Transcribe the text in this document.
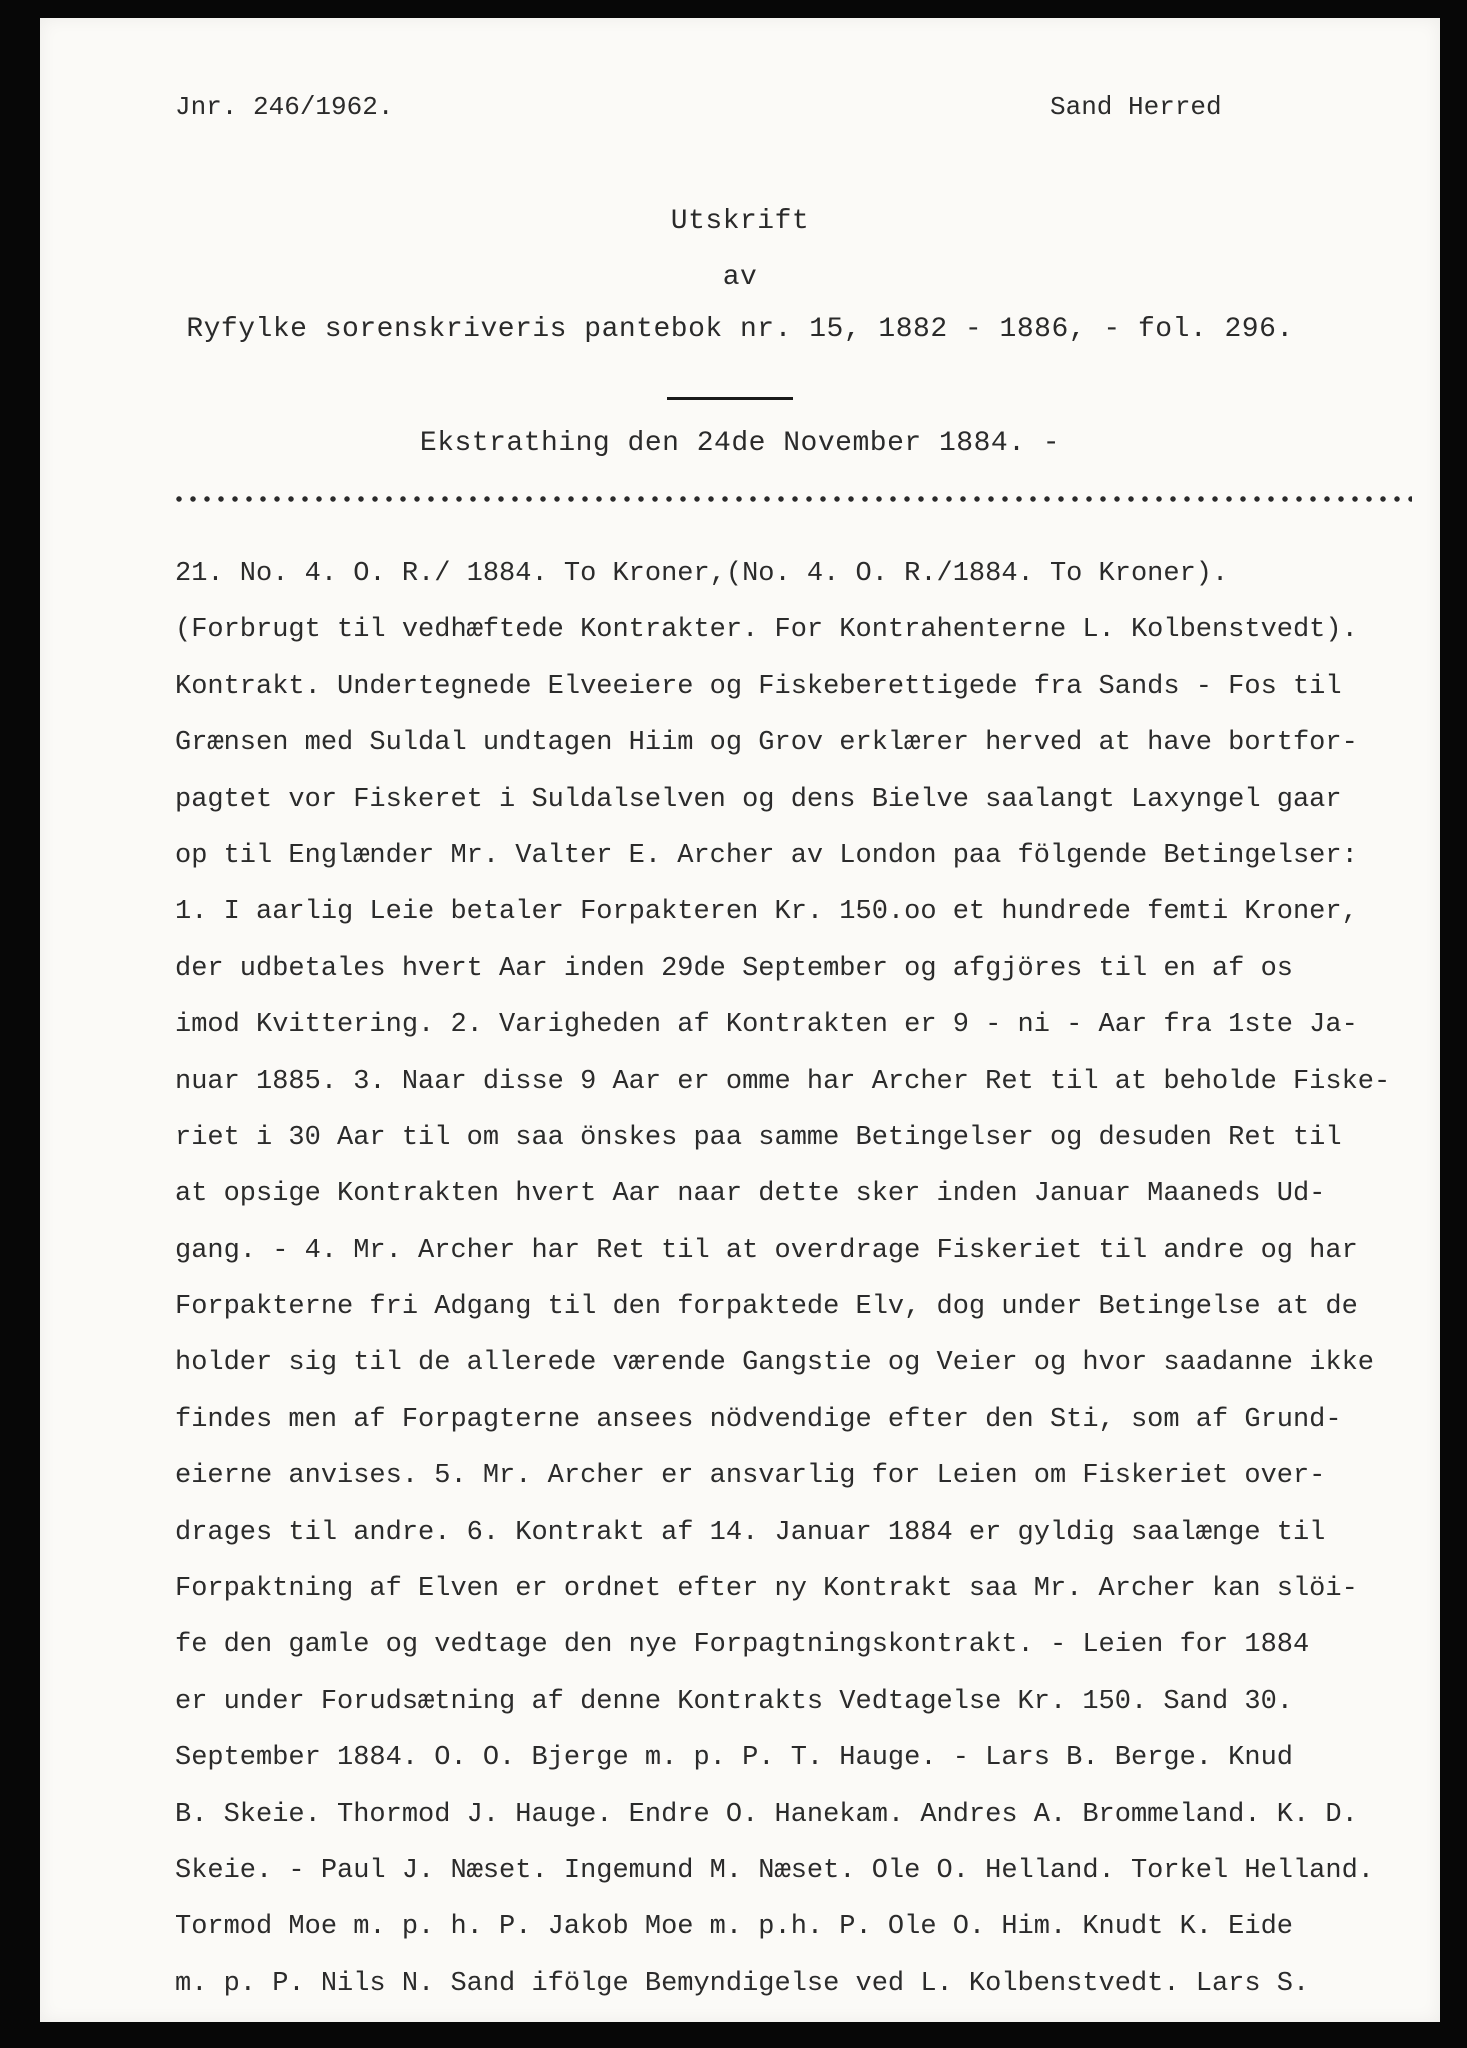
Jnr. 246/1962.	Sand Herred
Utskrift
av
Ryfylke sorenskriveris pantebok nr. 15, 1882 - 1886, - fol. 296.
Ekstrathing den 24de November 1884. -
21. No. 4. O. R./ 1884. To Kroner,(No. 4. O. R./1884. To Kroner).
(Forbrugt til vedhæftede Kontrakter. For Kontrahenterne L. Kolbenstvedt).
Kontrakt. Undertegnede Elveeiere og Fiskeberettigede fra Sands - Fos til
Grænsen med Suldal undtagen Hiim og Grov erklærer herved at have bortfor-
pagtet vor Fiskeret i Suldalselven og dens Bielve saalangt Laxyngel gaar
op til Englænder Mr. Valter E. Archer av London paa fölgende Betingelser:
1. I aarlig Leie betaler Forpakteren Kr. 150.oo et hundrede femti Kroner,
der udbetales hvert Aar inden 29de September og afgjöres til en af os
imod Kvittering. 2. Varigheden af Kontrakten er 9 - ni - Aar fra 1ste Ja-
nuar 1885. 3. Naar disse 9 Aar er omme har Archer Ret til at beholde Fiske-
riet i 30 Aar til om saa önskes paa samme Betingelser og desuden Ret til
at opsige Kontrakten hvert Aar naar dette sker inden Januar Maaneds Ud-
gang. - 4. Mr. Archer har Ret til at overdrage Fiskeriet til andre og har
Forpakterne fri Adgang til den forpaktede Elv, dog under Betingelse at de
holder sig til de allerede værende Gangstie og Veier og hvor saadanne ikke
findes men af Forpagterne ansees nödvendige efter den Sti, som af Grund-
eierne anvises. 5. Mr. Archer er ansvarlig for Leien om Fiskeriet over-
drages til andre. 6. Kontrakt af 14. Januar 1884 er gyldig saalænge til
Forpaktning af Elven er ordnet efter ny Kontrakt saa Mr. Archer kan slöi-
fe den gamle og vedtage den nye Forpagtningskontrakt. - Leien for 1884
er under Forudsætning af denne Kontrakts Vedtagelse Kr. 150. Sand 30.
September 1884. O. O. Bjerge m. p. P. T. Hauge. - Lars B. Berge. Knud
B. Skeie. Thormod J. Hauge. Endre O. Hanekam. Andres A. Brommeland. K. D.
Skeie. - Paul J. Næset. Ingemund M. Næset. Ole O. Helland. Torkel Helland.
Tormod Moe m. p. h. P. Jakob Moe m. p.h. P. Ole O. Him. Knudt K. Eide
m. p. P. Nils N. Sand ifölge Bemyndigelse ved L. Kolbenstvedt. Lars S.
